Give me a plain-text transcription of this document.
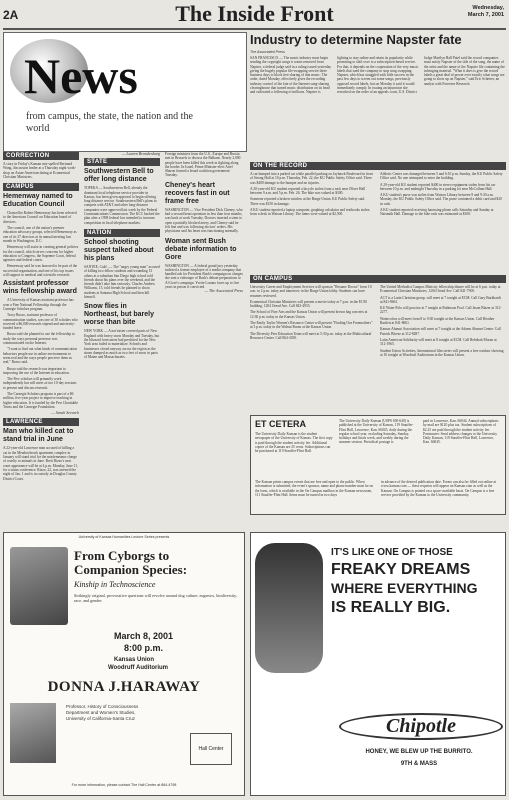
2A	The Inside Front	Wednesday,
March 7, 2001
News
from campus, the state, the nation and the world
CORRECTION
A story in Friday's Kansan mis-spelled Bertrand Wang, discussion leader at a Thursday night work-shop on Asian-American dating at Ecumenical Christian Ministries.
CAMPUS
Hemenway named to Education Council

Chancellor Robert Hemenway has been selected to the American Council on Education board of directors.

The council, one of the nation's premier education advocacy groups, selected Hemenway as one of its 37 directors at its annual meeting last month in Washington, D.C.

Hemenway will assist in creating general policies for the council, which serves concerns for higher education to Congress, the Supreme Court, federal agencies and federal courts.

Hemenway said he was honored to be part of the successful organization, and one of his top issues will support to medical and scientific research.

Assistant professor wins fellowship award

A University of Kansas assistant professor has won a Fine National Fellowship through the Carnegie Scholars program.

Tracy Russo, assistant professor of communication studies, was one of 30 scholars who received a $6,000 research stipend and university-funded leave.

Russo said she planned to use the fellowship to study the ways personal presence was communicated on the Internet.

"I want to find out what kinds of communication behaviors people use in online environments to seem real and the ways people perceive them as real," Russo said.

Russo said the research was important to improving the use of the Internet in education.

The Pew scholars will primarily work independently but will meet at two 10-day sessions to present and discuss research.

The Carnegie Scholars program is part of a $6 million, five-year project to improve teaching in higher education. It is funded by the Pew Charitable Trusts and the Carnegie Foundation.

— Sarah Seearch
LAWRENCE
Man who killed cat to stand trial in June
A 22-year-old Lawrence man accused of killing a cat in the Meadowbrook apartment complex in January will stand trial for the misdemeanor charge of cruelty to animals in June. Brett Rizzo's next court appearance will be at 4 p.m. Monday, June 11, for a status conference. Rizzo, 22, was arrested the night of Jan. 1 and is in custody in Douglas County District Court.
— Lauren Brandenburg
STATE
Southwestern Bell to offer long distance
TOPEKA — Southwestern Bell, already the dominant local telephone service provider in Kansas, has been given approval to begin offering long distance service. Southwestern Bell's plans to compete with AT&T and other long-distance companies were approved last week by the Federal Communications Commission. The KCC backed the plan after a 1998 federal law intended to increase competition in local telephone markets.
NATION
School shooting suspect talked about his plans
SANTEE, Calif. — The "angry young man" accused of killing two fellow students and wounding 13 others at a suburban San Diego high school told friends about his plans over the weekend, and the friends didn't take him seriously. Charles Andrew Williams, 15, told friends he planned to shoot students at Santana High School and then kill himself.
Snow flies in Northeast, but barely worse than bite
NEW YORK — A nor'easter covered parts of New England with heavy snow Monday and Tuesday, but the blizzard forecasters had predicted for the New York area failed to materialize. Schools and businesses closed anyway across the region as the storm dumped as much as two feet of snow in parts of Maine and Massachusetts.
Foreign ministers from the U.S., Europe and Russia met in Brussels to discuss the Balkans. Nearly 2,000 people have been killed this week in fighting along the border. In Israel, Prime Minister-elect Ariel Sharon formed a broad coalition government Tuesday.
Cheney's heart recovers fast in out frame free
WASHINGTON — Vice President Dick Cheney, who had a second heart operation in less than four months, was back at work Tuesday. Doctors inserted a stent to open a partially blocked artery, and Cheney said he felt fine and was following doctors' orders. His physicians said his heart was functioning normally.
Woman sent Bush debate information to Gore
WASHINGTON — A federal grand jury yesterday indicted a former employee of a media company that handled ads for President Bush's campaign on charges she sent a videotape of Bush's debate preparations to Al Gore's campaign. Yvette Lozano faces up to five years in prison if convicted.
— The Associated Press
Industry to determine Napster fate
The Associated Press
SAN FRANCISCO — The music industry must begin sending the copyright songs it wants removed from Napster, a federal judge said in a ruling issued yesterday giving the hugely popular file-swapping service three business days to block free sharing of that music. The order, dated Monday, effectively gives the recording industry control of the fate of the Internet song-sharing clearinghouse that turned music distribution on its head and cultivated a following of millions. Napster is fighting to stay online and retain its popularity while promising to shift over to a subscription-based service. For that, it depends on the cooperation of the very music labels that sued the company to stop song swapping. Napster, which has struggled with little success in the past few days to screen out some songs, previously opposed record labels, but on Monday it said it would immediately comply. In issuing an injunction she reworked on the order of an appeals court, U.S. District Judge Marilyn Hall Patel said the record companies must notify Napster of the title of the song, the name of the artist and the name of the Napster file containing the infringing material. "What it does is give the record labels a great deal of power over exactly what songs are going to show up on Napster," said Eric Scheirer, an analyst with Forrester Research.
ON THE RECORD

A car bumped into a parked car while parallel parking on Jayhawk Boulevard in front of Strong Hall at 10 p.m. Thursday, Feb. 22, the KU Public Safety Office said. There was $400 damage to the bumper and no injuries.

A 20-year-old KU student reported a bicycle stolen from a rack near Oliver Hall between 9 a.m. and 5 p.m. Feb. 26. The bike was valued at $300.

Someone reported a broken window at the Burge Union, KU Public Safety said. There was $150 in damage.

A KU student reported a laptop computer, graphing calculator and textbooks stolen from a desk in Watson Library. The items were valued at $2,500.

Athletic Center was damaged between 5 and 6:10 p.m. Sunday, the KU Public Safety Office said. No one attempted to enter the building.

A 20-year-old KU student reported $400 in stereo equipment stolen from his car between 10 p.m. and midnight Thursday in a parking lot near McCollum Hall.

A KU student's purse was stolen from Watson Library between 9 and 9:30 a.m. Monday, the KU Public Safety Office said. The purse contained a debit card and $20 in cash.

A KU student reported receiving harassing phone calls Saturday and Sunday at Naismith Hall. Damage to the bike rack was estimated at $100.

ON CAMPUS

University Career and Employment Services will sponsor "Resume Doctor" from 10 a.m. to 2 p.m. today and tomorrow in the Burge Union lobby. Students can have resumes reviewed.

Ecumenical Christian Ministries will present a movie today at 7 p.m. in the ECM building, 1204 Oread Ave. Call 843-4933.

The School of Fine Arts and the Kansas Union will present brown bag concerts at 12:30 p.m. today in the Kansas Union.

The Emily Taylor Women's Resource Center will present "Finding Our Foremothers" at 3 p.m. today in the Walnut Room at the Kansas Union.

The Diversity Peer Education Team will meet at 5:30 p.m. today at the Multicultural Resource Center. Call 864-4350.

The United Methodist Campus Ministry fellowship dinner will be at 6 p.m. today at Ecumenical Christian Ministries, 1204 Oread Ave. Call 841-7500.

ACT is a Latin Christian group, will meet at 7 tonight at ECM. Call Gary Burkhardt at 841-8661.

KU Water Polo will practice at 7 tonight at Robinson Pool. Call Jason Blazer at 312-2277.

Watercolors will meet from 8 to 9:30 tonight at the Kansas Union. Call Heather Bartlett at 841-8661.

Kansas Alumni Association will meet at 7 tonight at the Adams Alumni Center. Call Patrick Bloese at 312-8287.

Latin American Solidarity will meet at 8 tonight at ECM. Call Rebekah Moran at 312-1965.

Student Union Activities, International film series will present a free outdoor showing at 10 tonight at Woodruff Auditorium in the Kansas Union.

ET CETERA
The University Daily Kansan is the student newspaper of the University of Kansas. The first copy is paid through the student activity fee. Additional copies of the Kansan are 25 cents. Subscriptions can be purchased at 119 Stauffer-Flint Hall.
The University Daily Kansan (USPS 650-640) is published at the University of Kansas, 119 Stauffer-Flint Hall, Lawrence, Kan. 66045, daily during the regular school year, excluding Saturday, Sunday, holidays and finals week, and weekly during the summer session. Periodical postage is
paid in Lawrence, Kan. 66044. Annual subscriptions by mail are $120 plus tax. Student subscriptions of $2.25 are paid through the student activity fee. Postmaster: Send address changes to the University Daily Kansan, 119 Stauffer-Flint Hall, Lawrence, Kan. 66045.
The Kansan prints campus events that are free and open to the public. When information is submitted, the event's sponsor, name and phone number must be on the form, which is available in the On Campus mailbox in the Kansan newsroom, 111 Stauffer-Flint Hall. Items must be turned in two days
in advance of the desired publication date. Forms can also be filled out online at www.kansan.com — these requests will appear on Kansan.com as well as the Kansan. On Campus is printed on a space-available basis. On Campus is a free service provided by the Kansan to the University community.
University of Kansas Humanities Lecture Series presents
From Cyborgs to
Companion Species:
Kinship in Technoscience
Strikingly original, provocative questions will revolve around dog culture, eugenics, biodiversity, race, and gender.
March 8, 2001
8:00 p.m.
Kansas Union
Woodruff Auditorium
DONNA J.HARAWAY
Professor, History of Consciousness
Department and Women's Studies,
University of California-Santa Cruz
Hall Center
For more information, please contact The Hall Center at 864-4798
IT'S LIKE ONE OF THOSE
FREAKY DREAMS
WHERE EVERYTHING
IS REALLY BIG.
Chipotle
HONEY, WE BLEW UP THE BURRITO.
9TH & MASS
